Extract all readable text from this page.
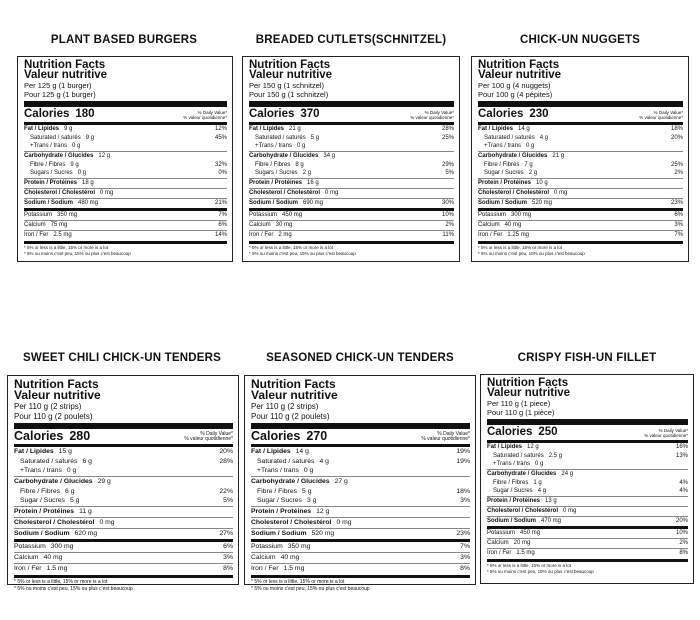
PLANT BASED BURGERS
Nutrition Facts
Valeur nutritive
Per 125 g (1 burger)
Pour 125 g (1 burger)
Calories 180	% Daily Value*
% valeur quotidienne*
Fat / Lipides 9 g	12%
Saturated / saturés 9 g	45%
+Trans / trans 0 g
Carbohydrate / Glucides 12 g
Fibre / Fibres 9 g	32%
Sugars / Sucres 0 g	0%
Protein / Protéines 18 g
Cholesterol / Cholestérol 0 mg
Sodium / Sodium 480 mg	21%
Potassium 350 mg	7%
Calcium 75 mg	6%
Iron / Fer 2.5 mg	14%
* 5% or less is a little, 15% or more is a lot
* 5% ou moins c'est peu, 15% ou plus c'est beaucoup
BREADED CUTLETS(SCHNITZEL)
Nutrition Facts
Valeur nutritive
Per 150 g (1 schnitzel)
Pour 150 g (1 schnitzel)
Calories 370	% Daily Value*
% valeur quotidienne*
Fat / Lipides 21 g	28%
Saturated / saturés 5 g	25%
+Trans / trans 0 g
Carbohydrate / Glucides 34 g
Fibre / Fibres 8 g	29%
Sugars / Sucres 2 g	5%
Protein / Protéines 16 g
Cholesterol / Cholestérol 0 mg
Sodium / Sodium 690 mg	30%
Potassium 450 mg	10%
Calcium 30 mg	2%
Iron / Fer 2 mg	11%
* 5% or less is a little, 15% or more is a lot
* 5% ou moins c'est peu, 15% ou plus c'est beaucoup
CHICK-UN NUGGETS
Nutrition Facts
Valeur nutritive
Per 100 g (4 nuggets)
Pour 100 g (4 pépites)
Calories 230	% Daily Value*
% valeur quotidienne*
Fat / Lipides 14 g	18%
Saturated / saturés 4 g	20%
+Trans / trans 0 g
Carbohydrate / Glucides 21 g
Fibre / Fibres 7 g	25%
Sugar / Sucres 2 g	2%
Protein / Protéines 10 g
Cholesterol / Cholestérol 0 mg
Sodium / Sodium 520 mg	23%
Potassium 300 mg	6%
Calcium 40 mg	3%
Iron / Fer 1.25 mg	7%
* 5% or less is a little, 15% or more is a lot
* 5% ou moins c'est peu, 15% ou plus c'est beaucoup
SWEET CHILI CHICK-UN TENDERS
Nutrition Facts
Valeur nutritive
Per 110 g (2 strips)
Pour 110 g (2 poulets)
Calories 280	% Daily Value*
% valeur quotidienne*
Fat / Lipides 15 g	20%
Saturated / saturés 6 g	28%
+Trans / trans 0 g
Carbohydrate / Glucides 29 g
Fibre / Fibres 6 g	22%
Sugar / Sucres 5 g	5%
Protein / Protéines 11 g
Cholesterol / Cholestérol 0 mg
Sodium / Sodium 620 mg	27%
Potassium 300 mg	6%
Calcium 40 mg	3%
Iron / Fer 1.5 mg	8%
* 5% or less is a little, 15% or more is a lot
* 5% ou moins c'est peu, 15% ou plus c'est beaucoup
SEASONED CHICK-UN TENDERS
Nutrition Facts
Valeur nutritive
Per 110 g (2 strips)
Pour 110 g (2 poulets)
Calories 270	% Daily Value*
% valeur quotidienne*
Fat / Lipides 14 g	19%
Saturated / saturés 4 g	19%
+Trans / trans 0 g
Carbohydrate / Glucides 27 g
Fibre / Fibres 5 g	18%
Sugar / Sucres 3 g	3%
Protein / Protéines 12 g
Cholesterol / Cholestérol 0 mg
Sodium / Sodium 520 mg	23%
Potassium 350 mg	7%
Calcium 40 mg	3%
Iron / Fer 1.5 mg	8%
* 5% or less is a little, 15% or more is a lot
* 5% ou moins c'est peu, 15% ou plus c'est beaucoup
CRISPY FISH-UN FILLET
Nutrition Facts
Valeur nutritive
Per 110 g (1 piece)
Pour 110 g (1 pièce)
Calories 250	% Daily Value*
% valeur quotidienne*
Fat / Lipides 12 g	16%
Saturated / saturés 2.5 g	13%
+Trans / trans 0 g
Carbohydrate / Glucides 24 g
Fibre / Fibres 1 g	4%
Sugar / Sucres 4 g	4%
Protein / Protéines 13 g
Cholesterol / Cholestérol 0 mg
Sodium / Sodium 470 mg	20%
Potassium 450 mg	10%
Calcium 20 mg	2%
Iron / Fer 1.5 mg	8%
* 5% or less is a little, 15% or more is a lot
* 5% ou moins c'est peu, 15% ou plus c'est beaucoup
